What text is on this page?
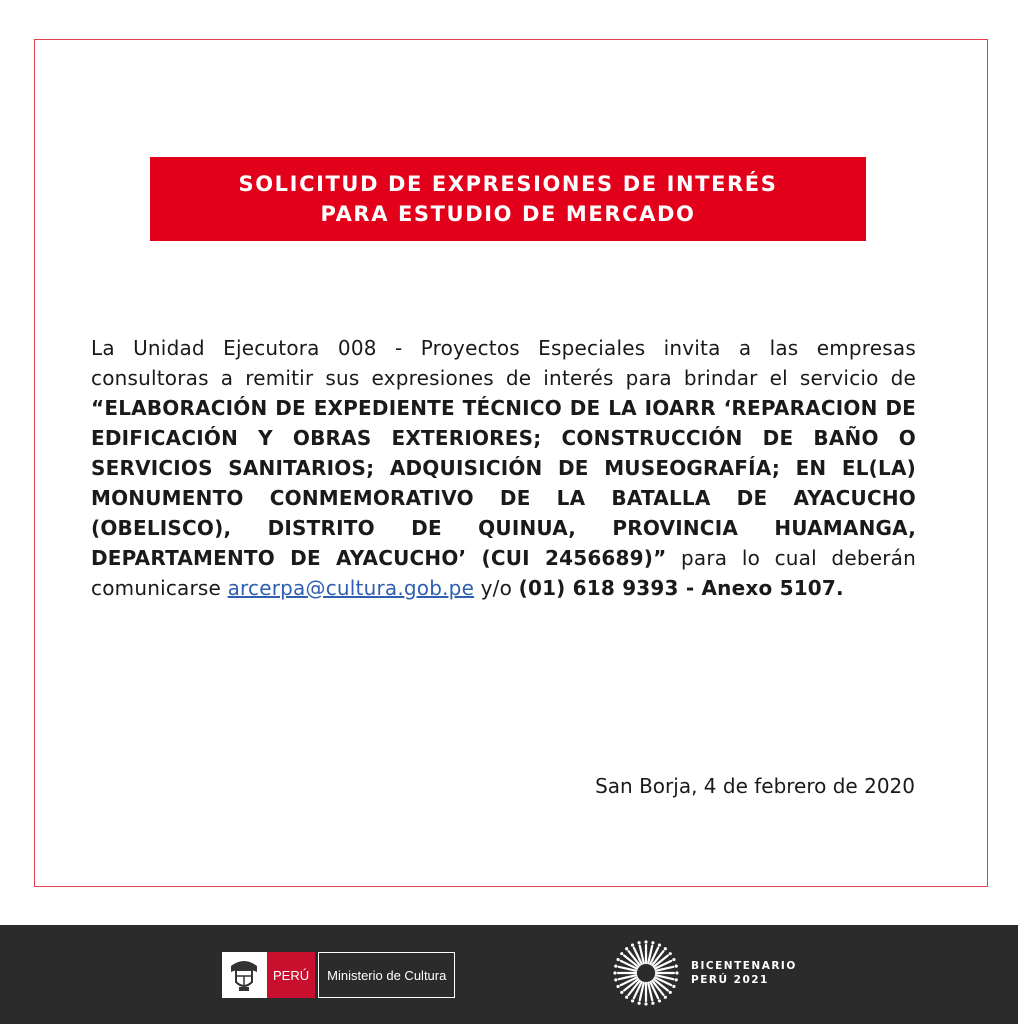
SOLICITUD DE EXPRESIONES DE INTERÉS
PARA ESTUDIO DE MERCADO
La Unidad Ejecutora 008 - Proyectos Especiales invita a las empresas consultoras a remitir sus expresiones de interés para brindar el servicio de “ELABORACIÓN DE EXPEDIENTE TÉCNICO DE LA IOARR ‘REPARACION DE EDIFICACIÓN Y OBRAS EXTERIORES; CONSTRUCCIÓN DE BAÑO O SERVICIOS SANITARIOS; ADQUISICIÓN DE MUSEOGRAFÍA; EN EL(LA) MONUMENTO CONMEMORATIVO DE LA BATALLA DE AYACUCHO (OBELISCO), DISTRITO DE QUINUA, PROVINCIA HUAMANGA, DEPARTAMENTO DE AYACUCHO’ (CUI 2456689)” para lo cual deberán comunicarse arcerpa@cultura.gob.pe y/o (01) 618 9393 - Anexo 5107.
San Borja, 4 de febrero de 2020
PERÚ	Ministerio de Cultura
BICENTENARIO
PERÚ 2021
